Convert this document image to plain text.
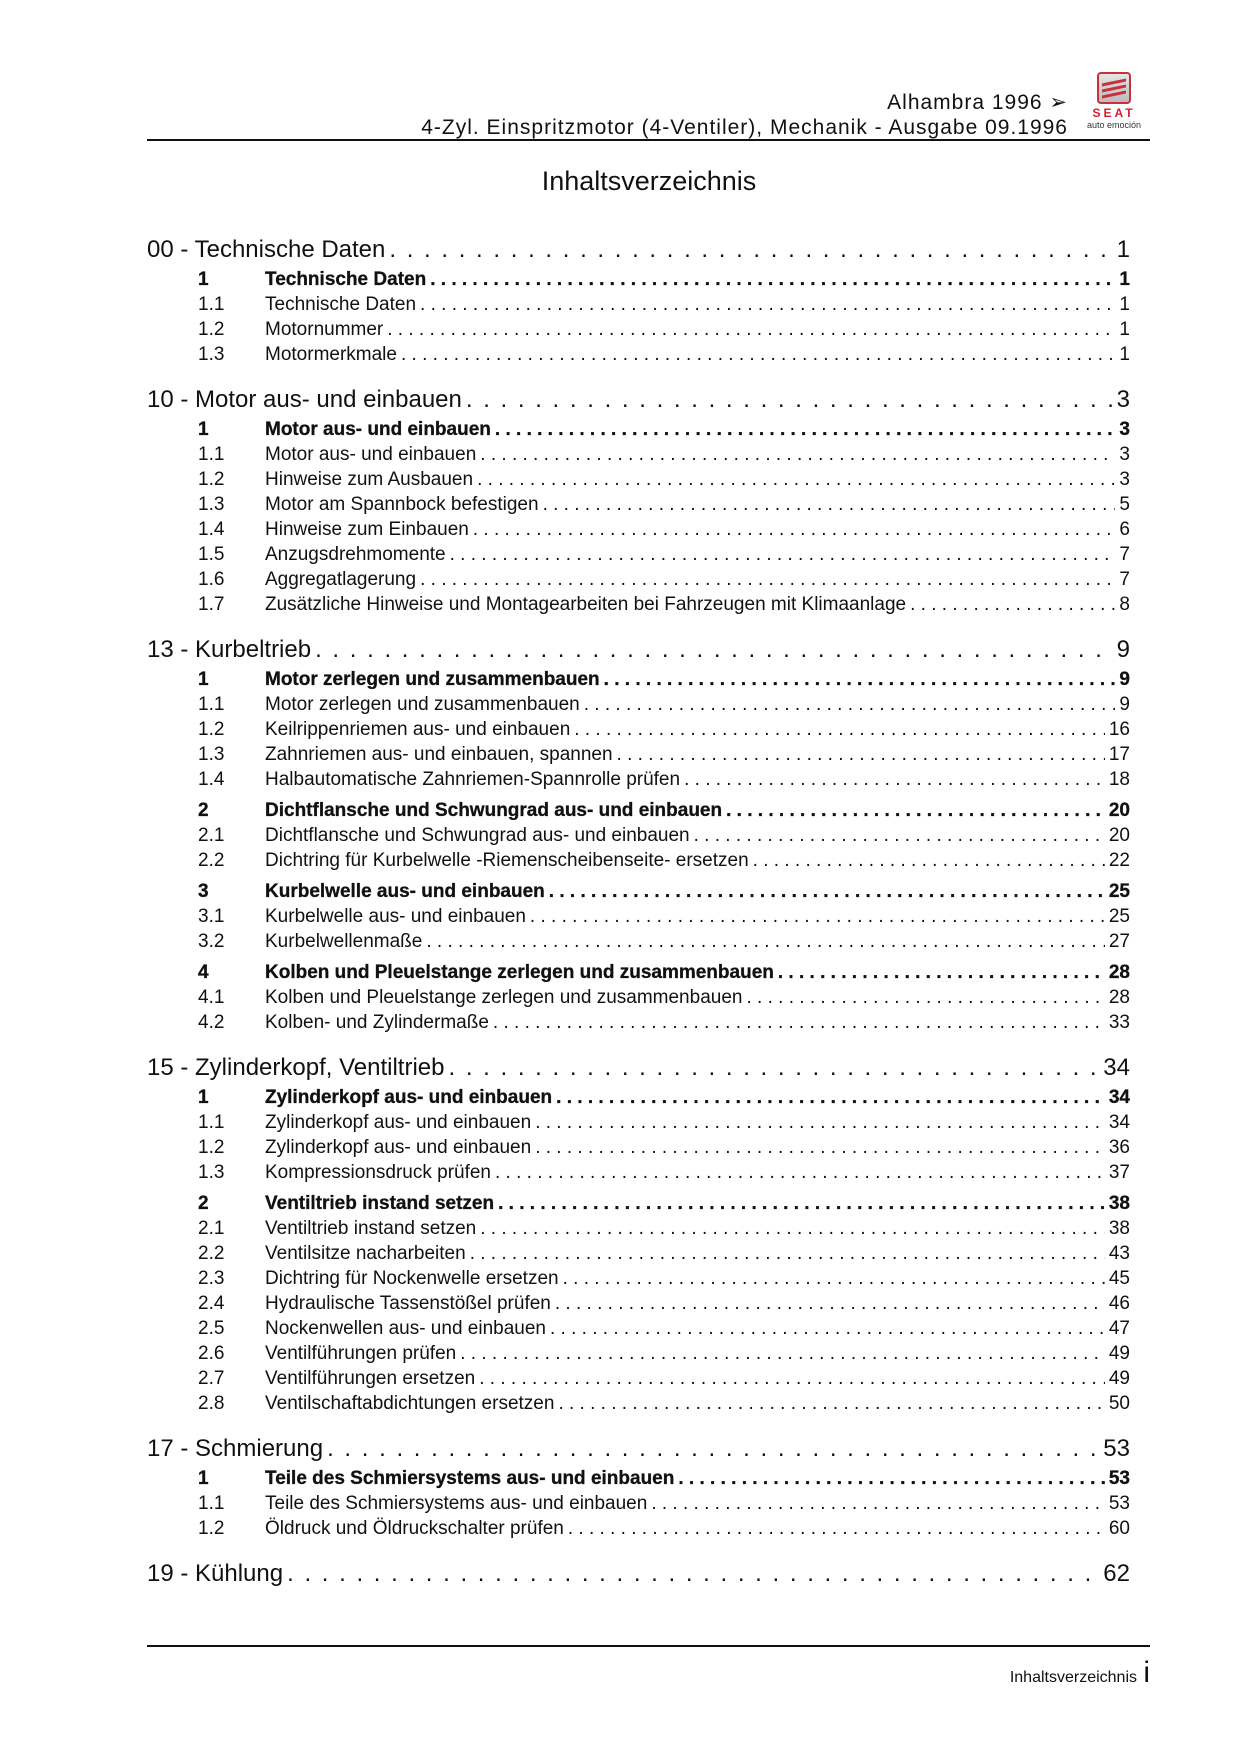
Alhambra 1996 ➢
4-Zyl. Einspritzmotor (4-Ventiler), Mechanik - Ausgabe 09.1996
SEAT
auto emoción
Inhaltsverzeichnis
00 - Technische Daten . . .	1
1	Technische Daten . . .	1
1.1	Technische Daten . . .	1
1.2	Motornummer . . .	1
1.3	Motormerkmale . . .	1
10 - Motor aus- und einbauen . . .	3
1	Motor aus- und einbauen . . .	3
1.1	Motor aus- und einbauen . . .	3
1.2	Hinweise zum Ausbauen . . .	3
1.3	Motor am Spannbock befestigen . . .	5
1.4	Hinweise zum Einbauen . . .	6
1.5	Anzugsdrehmomente . . .	7
1.6	Aggregatlagerung . . .	7
1.7	Zusätzliche Hinweise und Montagearbeiten bei Fahrzeugen mit Klimaanlage . . .	8
13 - Kurbeltrieb . . .	9
1	Motor zerlegen und zusammenbauen . . .	9
1.1	Motor zerlegen und zusammenbauen . . .	9
1.2	Keilrippenriemen aus- und einbauen . . .	16
1.3	Zahnriemen aus- und einbauen, spannen . . .	17
1.4	Halbautomatische Zahnriemen-Spannrolle prüfen . . .	18
2	Dichtflansche und Schwungrad aus- und einbauen . . .	20
2.1	Dichtflansche und Schwungrad aus- und einbauen . . .	20
2.2	Dichtring für Kurbelwelle -Riemenscheibenseite- ersetzen . . .	22
3	Kurbelwelle aus- und einbauen . . .	25
3.1	Kurbelwelle aus- und einbauen . . .	25
3.2	Kurbelwellenmaße . . .	27
4	Kolben und Pleuelstange zerlegen und zusammenbauen . . .	28
4.1	Kolben und Pleuelstange zerlegen und zusammenbauen . . .	28
4.2	Kolben- und Zylindermaße . . .	33
15 - Zylinderkopf, Ventiltrieb . . .	34
1	Zylinderkopf aus- und einbauen . . .	34
1.1	Zylinderkopf aus- und einbauen . . .	34
1.2	Zylinderkopf aus- und einbauen . . .	36
1.3	Kompressionsdruck prüfen . . .	37
2	Ventiltrieb instand setzen . . .	38
2.1	Ventiltrieb instand setzen . . .	38
2.2	Ventilsitze nacharbeiten . . .	43
2.3	Dichtring für Nockenwelle ersetzen . . .	45
2.4	Hydraulische Tassenstößel prüfen . . .	46
2.5	Nockenwellen aus- und einbauen . . .	47
2.6	Ventilführungen prüfen . . .	49
2.7	Ventilführungen ersetzen . . .	49
2.8	Ventilschaftabdichtungen ersetzen . . .	50
17 - Schmierung . . .	53
1	Teile des Schmiersystems aus- und einbauen . . .	53
1.1	Teile des Schmiersystems aus- und einbauen . . .	53
1.2	Öldruck und Öldruckschalter prüfen . . .	60
19 - Kühlung . . .	62
Inhaltsverzeichnis i
